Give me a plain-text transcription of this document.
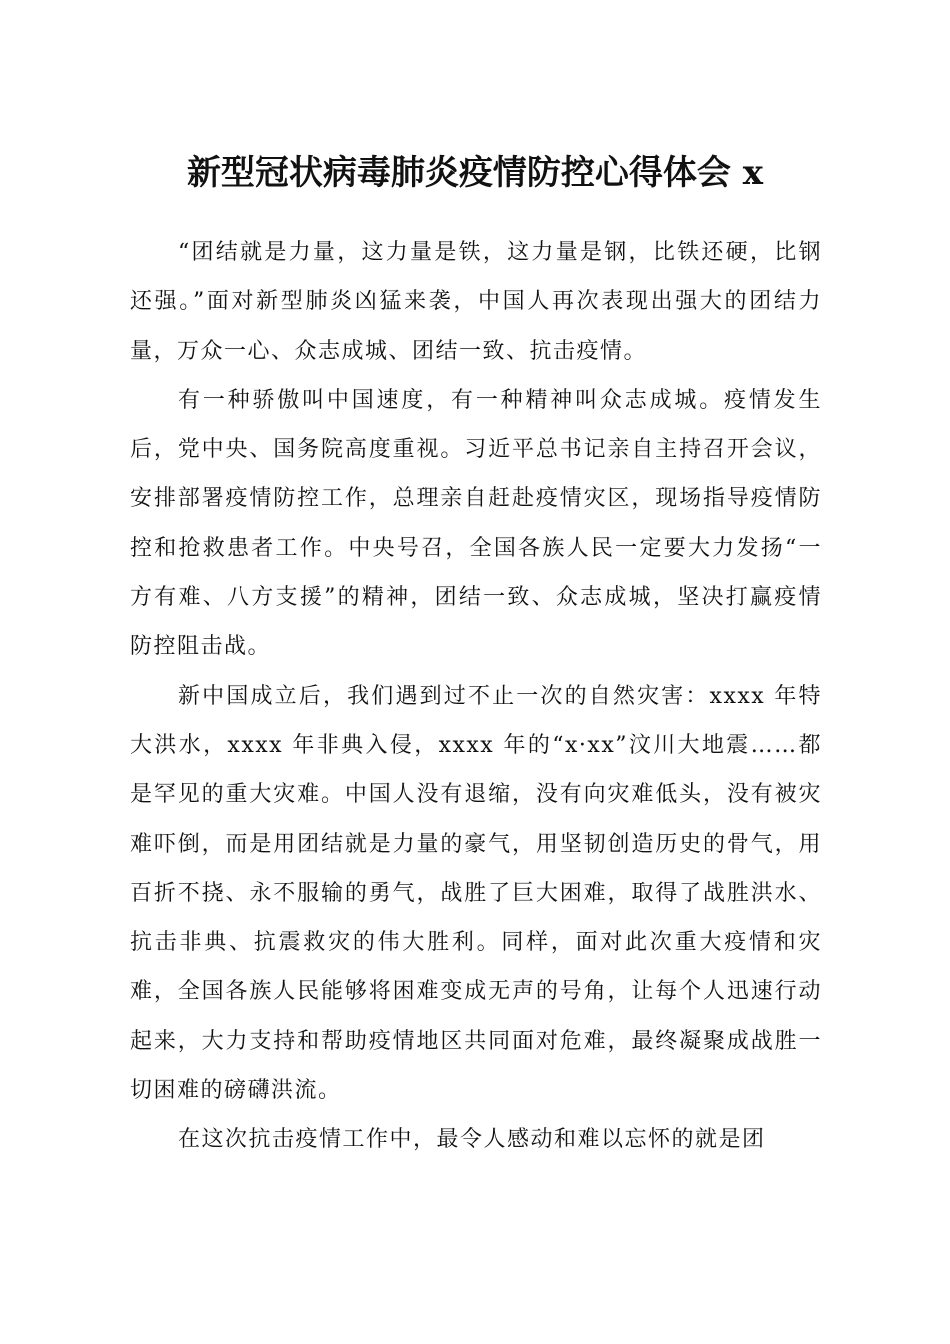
新型冠状病毒肺炎疫情防控心得体会 x

“团结就是力量，这力量是铁，这力量是钢，比铁还硬，比钢还强。”面对新型肺炎凶猛来袭，中国人再次表现出强大的团结力量，万众一心、众志成城、团结一致、抗击疫情。

有一种骄傲叫中国速度，有一种精神叫众志成城。疫情发生后，党中央、国务院高度重视。习近平总书记亲自主持召开会议，安排部署疫情防控工作，总理亲自赶赴疫情灾区，现场指导疫情防控和抢救患者工作。中央号召，全国各族人民一定要大力发扬“一方有难、八方支援”的精神，团结一致、众志成城，坚决打赢疫情防控阻击战。

新中国成立后，我们遇到过不止一次的自然灾害：xxxx 年特大洪水，xxxx 年非典入侵，xxxx 年的“x·xx”汶川大地震……都是罕见的重大灾难。中国人没有退缩，没有向灾难低头，没有被灾难吓倒，而是用团结就是力量的豪气，用坚韧创造历史的骨气，用百折不挠、永不服输的勇气，战胜了巨大困难，取得了战胜洪水、抗击非典、抗震救灾的伟大胜利。同样，面对此次重大疫情和灾难，全国各族人民能够将困难变成无声的号角，让每个人迅速行动起来，大力支持和帮助疫情地区共同面对危难，最终凝聚成战胜一切困难的磅礴洪流。

在这次抗击疫情工作中，最令人感动和难以忘怀的就是团
